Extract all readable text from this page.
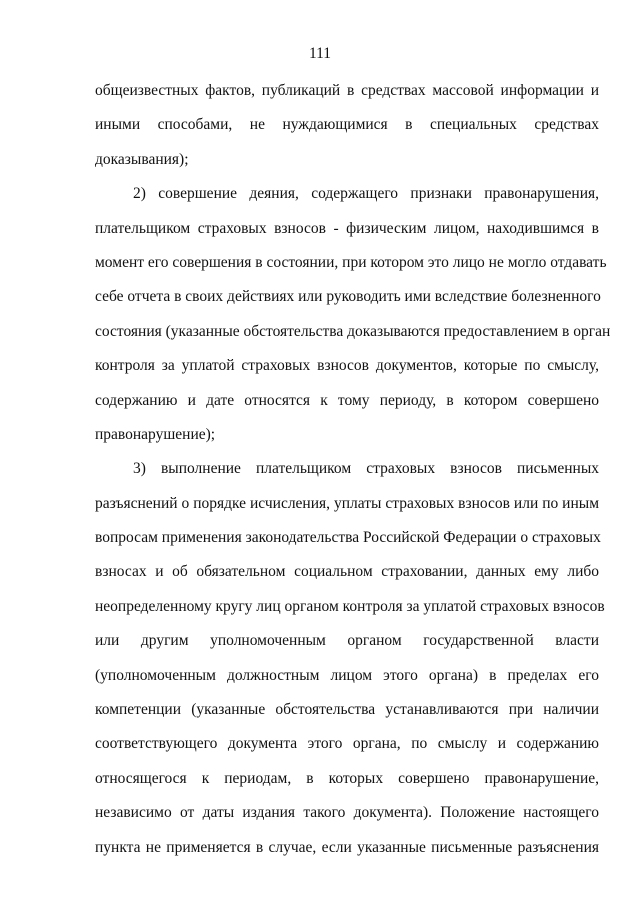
111

общеизвестных фактов, публикаций в средствах массовой информации и
иными способами, не нуждающимися в специальных средствах
доказывания);
2) совершение деяния, содержащего признаки правонарушения,
плательщиком страховых взносов - физическим лицом, находившимся в
момент его совершения в состоянии, при котором это лицо не могло отдавать
себе отчета в своих действиях или руководить ими вследствие болезненного
состояния (указанные обстоятельства доказываются предоставлением в орган
контроля за уплатой страховых взносов документов, которые по смыслу,
содержанию и дате относятся к тому периоду, в котором совершено
правонарушение);
3) выполнение плательщиком страховых взносов письменных
разъяснений о порядке исчисления, уплаты страховых взносов или по иным
вопросам применения законодательства Российской Федерации о страховых
взносах и об обязательном социальном страховании, данных ему либо
неопределенному кругу лиц органом контроля за уплатой страховых взносов
или другим уполномоченным органом государственной власти
(уполномоченным должностным лицом этого органа) в пределах его
компетенции (указанные обстоятельства устанавливаются при наличии
соответствующего документа этого органа, по смыслу и содержанию
относящегося к периодам, в которых совершено правонарушение,
независимо от даты издания такого документа). Положение настоящего
пункта не применяется в случае, если указанные письменные разъяснения
